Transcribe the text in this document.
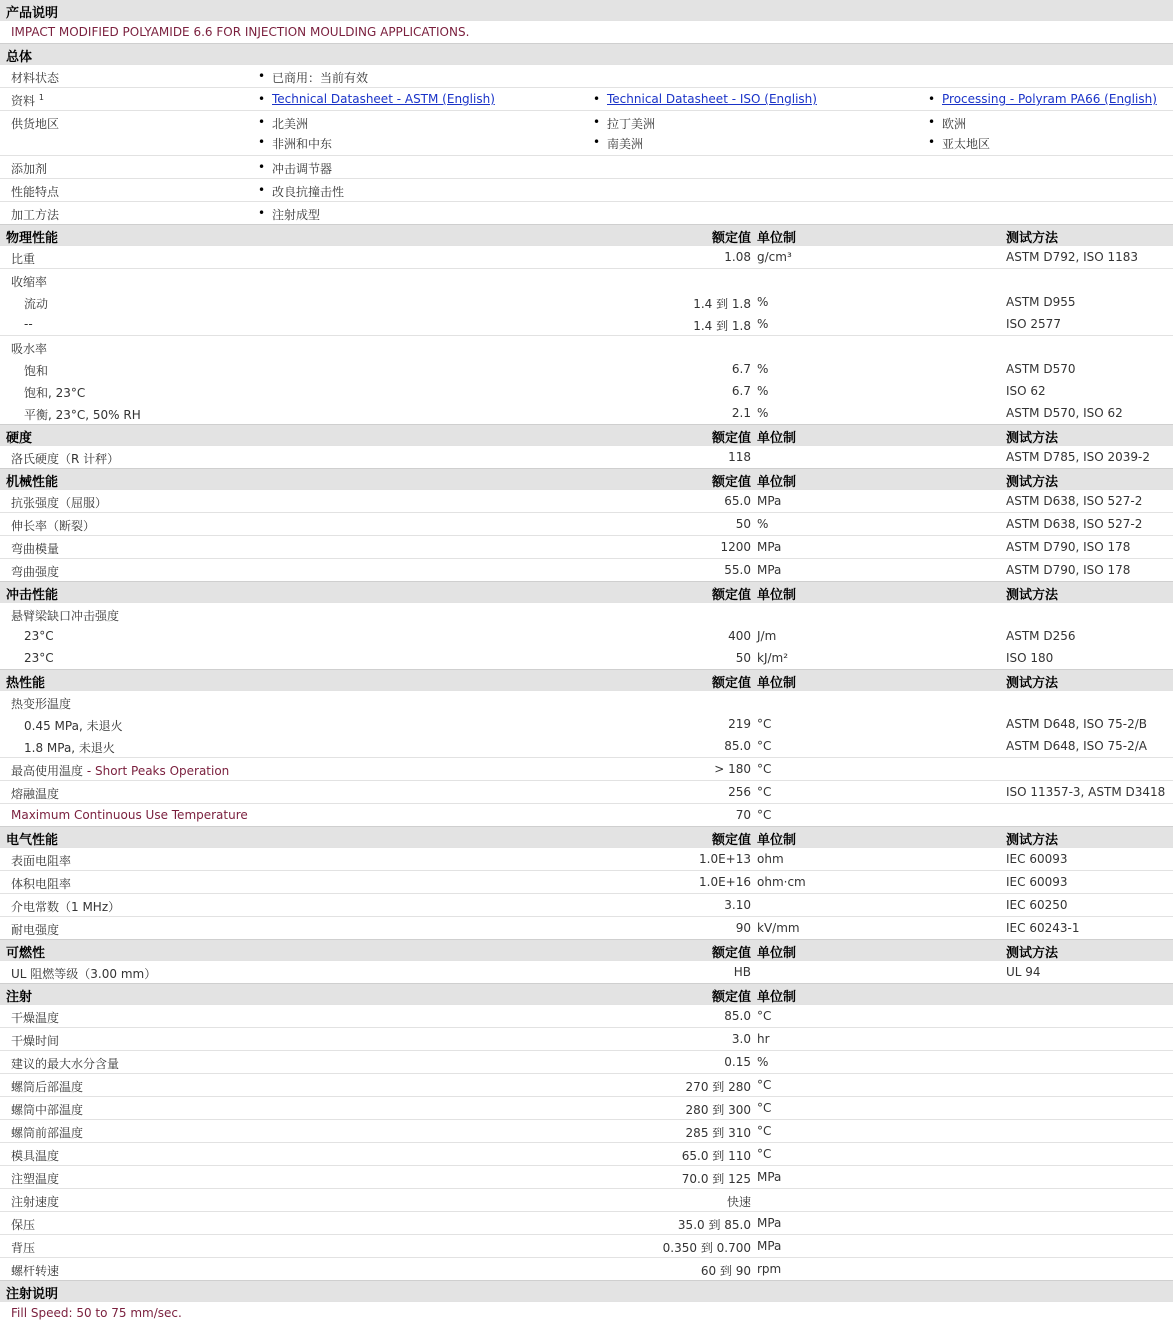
产品说明
IMPACT MODIFIED POLYAMIDE 6.6 FOR INJECTION MOULDING APPLICATIONS.
总体
材料状态	• 已商用：当前有效
资料 $^1$	• Technical Datasheet - ASTM (English)	• Technical Datasheet - ISO (English)	• Processing - Polyram PA66 (English)
供货地区	• 北美洲	• 拉丁美洲	• 欧洲
• 非洲和中东	• 南美洲	• 亚太地区
添加剂	• 冲击调节器
性能特点	• 改良抗撞击性
加工方法	• 注射成型
物理性能	额定值 单位制	测试方法
比重	1.08 g/cm³	ASTM D792, ISO 1183
收缩率
流动	1.4 到 1.8 %	ASTM D955
--	1.4 到 1.8 %	ISO 2577
吸水率
饱和	6.7 %	ASTM D570
饱和, 23°C	6.7 %	ISO 62
平衡, 23°C, 50% RH	2.1 %	ASTM D570, ISO 62
硬度	额定值 单位制	测试方法
洛氏硬度（R 计秤）	118	ASTM D785, ISO 2039-2
机械性能	额定值 单位制	测试方法
抗张强度（屈服）	65.0 MPa	ASTM D638, ISO 527-2
伸长率（断裂）	50 %	ASTM D638, ISO 527-2
弯曲模量	1200 MPa	ASTM D790, ISO 178
弯曲强度	55.0 MPa	ASTM D790, ISO 178
冲击性能	额定值 单位制	测试方法
悬臂梁缺口冲击强度
23°C	400 J/m	ASTM D256
23°C	50 kJ/m²	ISO 180
热性能	额定值 单位制	测试方法
热变形温度
0.45 MPa, 未退火	219 °C	ASTM D648, ISO 75-2/B
1.8 MPa, 未退火	85.0 °C	ASTM D648, ISO 75-2/A
最高使用温度 - Short Peaks Operation	> 180 °C
熔融温度	256 °C	ISO 11357-3, ASTM D3418
Maximum Continuous Use Temperature	70 °C
电气性能	额定值 单位制	测试方法
表面电阻率	1.0E+13 ohm	IEC 60093
体积电阻率	1.0E+16 ohm·cm	IEC 60093
介电常数（1 MHz）	3.10	IEC 60250
耐电强度	90 kV/mm	IEC 60243-1
可燃性	额定值 单位制	测试方法
UL 阻燃等级（3.00 mm）	HB	UL 94
注射	额定值 单位制
干燥温度	85.0 °C
干燥时间	3.0 hr
建议的最大水分含量	0.15 %
螺筒后部温度	270 到 280 °C
螺筒中部温度	280 到 300 °C
螺筒前部温度	285 到 310 °C
模具温度	65.0 到 110 °C
注塑温度	70.0 到 125 MPa
注射速度	快速
保压	35.0 到 85.0 MPa
背压	0.350 到 0.700 MPa
螺杆转速	60 到 90 rpm
注射说明
Fill Speed: 50 to 75 mm/sec.
